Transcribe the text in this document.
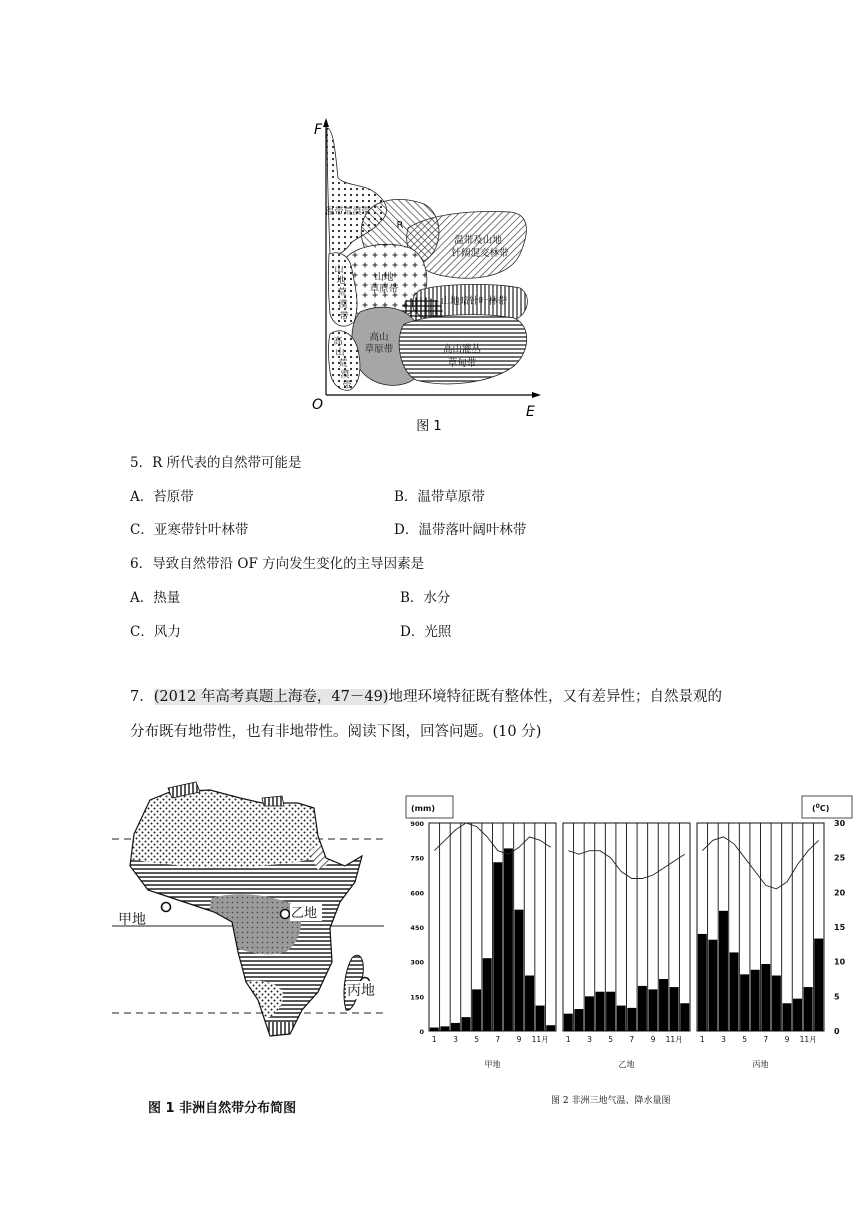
温带荒漠带
R
温带及山地
针阔混交林带
山地
草原带
山地暗针叶林带
高山
草原带	高山灌丛
草甸带
山
地
荒
漠
带
高
山
荒
漠
带
F
E
O
图 1
5．R 所代表的自然带可能是
A．苔原带	B．温带草原带
C．亚寒带针叶林带	D．温带落叶阔叶林带
6．导致自然带沿 OF 方向发生变化的主导因素是
A．热量	B．水分
C．风力	D．光照
7．(2012 年高考真题上海卷，47－49)地理环境特征既有整体性，又有差异性；自然景观的
分布既有地带性，也有非地带性。阅读下图，回答问题。(10 分)
甲地	乙地
丙地
图 1 非洲自然带分布简图
(mm)	($^0$C)
0
150
300
450
600
750
900
0
5
10
15
20
25
30
1 3 5 7 9 11月
甲地
1 3 5 7 9 11月
乙地
1 3 5 7 9 11月
丙地
图 2 非洲三地气温、降水量图
